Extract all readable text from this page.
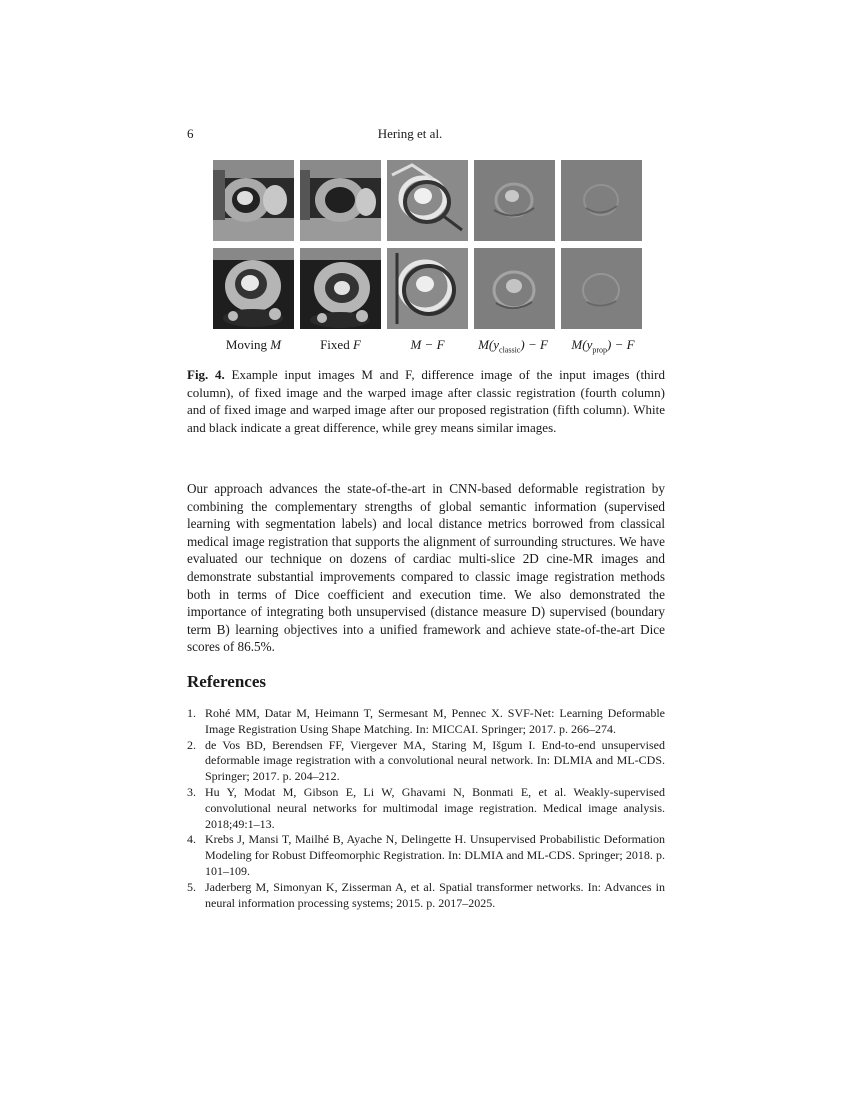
6	Hering et al.
Moving M	Fixed F	M − F	$M(y_{classic}) - F$	$M(y_{prop}) - F$
Fig. 4. Example input images M and F, difference image of the input images (third column), of fixed image and the warped image after classic registration (fourth column) and of fixed image and warped image after our proposed registration (fifth column). White and black indicate a great difference, while grey means similar images.
Our approach advances the state-of-the-art in CNN-based deformable registration by combining the complementary strengths of global semantic information (supervised learning with segmentation labels) and local distance metrics borrowed from classical medical image registration that supports the alignment of surrounding structures. We have evaluated our technique on dozens of cardiac multi-slice 2D cine-MR images and demonstrate substantial improvements compared to classic image registration methods both in terms of Dice coefficient and execution time. We also demonstrated the importance of integrating both unsupervised (distance measure D) supervised (boundary term B) learning objectives into a unified framework and achieve state-of-the-art Dice scores of 86.5%.
References
1. Rohé MM, Datar M, Heimann T, Sermesant M, Pennec X. SVF-Net: Learning Deformable Image Registration Using Shape Matching. In: MICCAI. Springer; 2017. p. 266–274.
2. de Vos BD, Berendsen FF, Viergever MA, Staring M, Išgum I. End-to-end unsupervised deformable image registration with a convolutional neural network. In: DLMIA and ML-CDS. Springer; 2017. p. 204–212.
3. Hu Y, Modat M, Gibson E, Li W, Ghavami N, Bonmati E, et al. Weakly-supervised convolutional neural networks for multimodal image registration. Medical image analysis. 2018;49:1–13.
4. Krebs J, Mansi T, Mailhé B, Ayache N, Delingette H. Unsupervised Probabilistic Deformation Modeling for Robust Diffeomorphic Registration. In: DLMIA and ML-CDS. Springer; 2018. p. 101–109.
5. Jaderberg M, Simonyan K, Zisserman A, et al. Spatial transformer networks. In: Advances in neural information processing systems; 2015. p. 2017–2025.
